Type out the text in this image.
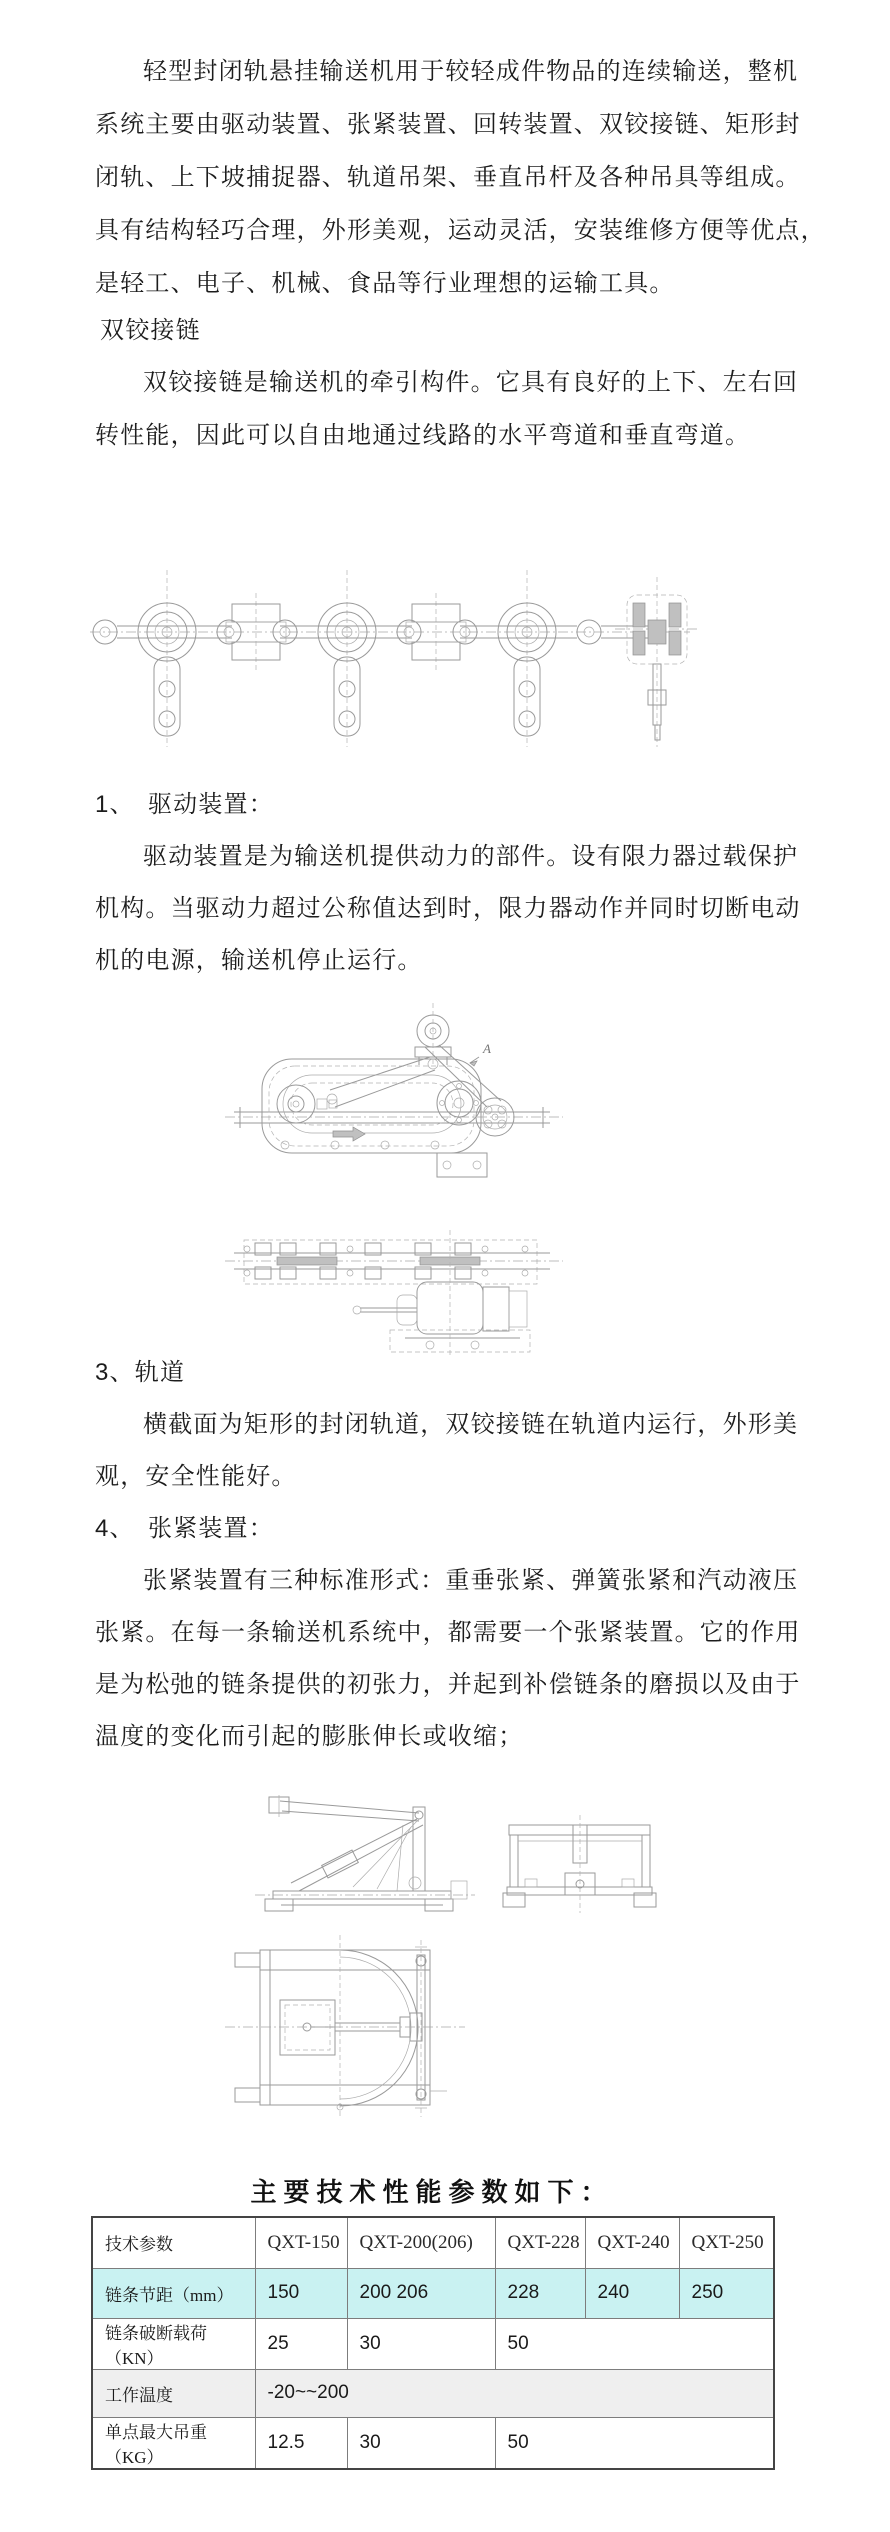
轻型封闭轨悬挂输送机用于较轻成件物品的连续输送，整机
系统主要由驱动装置、张紧装置、回转装置、双铰接链、矩形封
闭轨、上下坡捕捉器、轨道吊架、垂直吊杆及各种吊具等组成。
具有结构轻巧合理，外形美观，运动灵活，安装维修方便等优点，
是轻工、电子、机械、食品等行业理想的运输工具。
双铰接链
双铰接链是输送机的牵引构件。它具有良好的上下、左右回
转性能，因此可以自由地通过线路的水平弯道和垂直弯道。
1、　驱动装置：
驱动装置是为输送机提供动力的部件。设有限力器过载保护
机构。当驱动力超过公称值达到时，限力器动作并同时切断电动
机的电源，输送机停止运行。
A
3、轨道
横截面为矩形的封闭轨道，双铰接链在轨道内运行，外形美
观，安全性能好。
4、　张紧装置：
张紧装置有三种标准形式：重垂张紧、弹簧张紧和汽动液压
张紧。在每一条输送机系统中，都需要一个张紧装置。它的作用
是为松弛的链条提供的初张力，并起到补偿链条的磨损以及由于
温度的变化而引起的膨胀伸长或收缩；
主要技术性能参数如下：
技术参数	QXT-150	QXT-200(206)	QXT-228	QXT-240	QXT-250
链条节距（mm）	150	200 206	228	240	250
链条破断载荷（KN）	25	30	50		
工作温度	-20~~200				
单点最大吊重（KG）	12.5	30	50		
